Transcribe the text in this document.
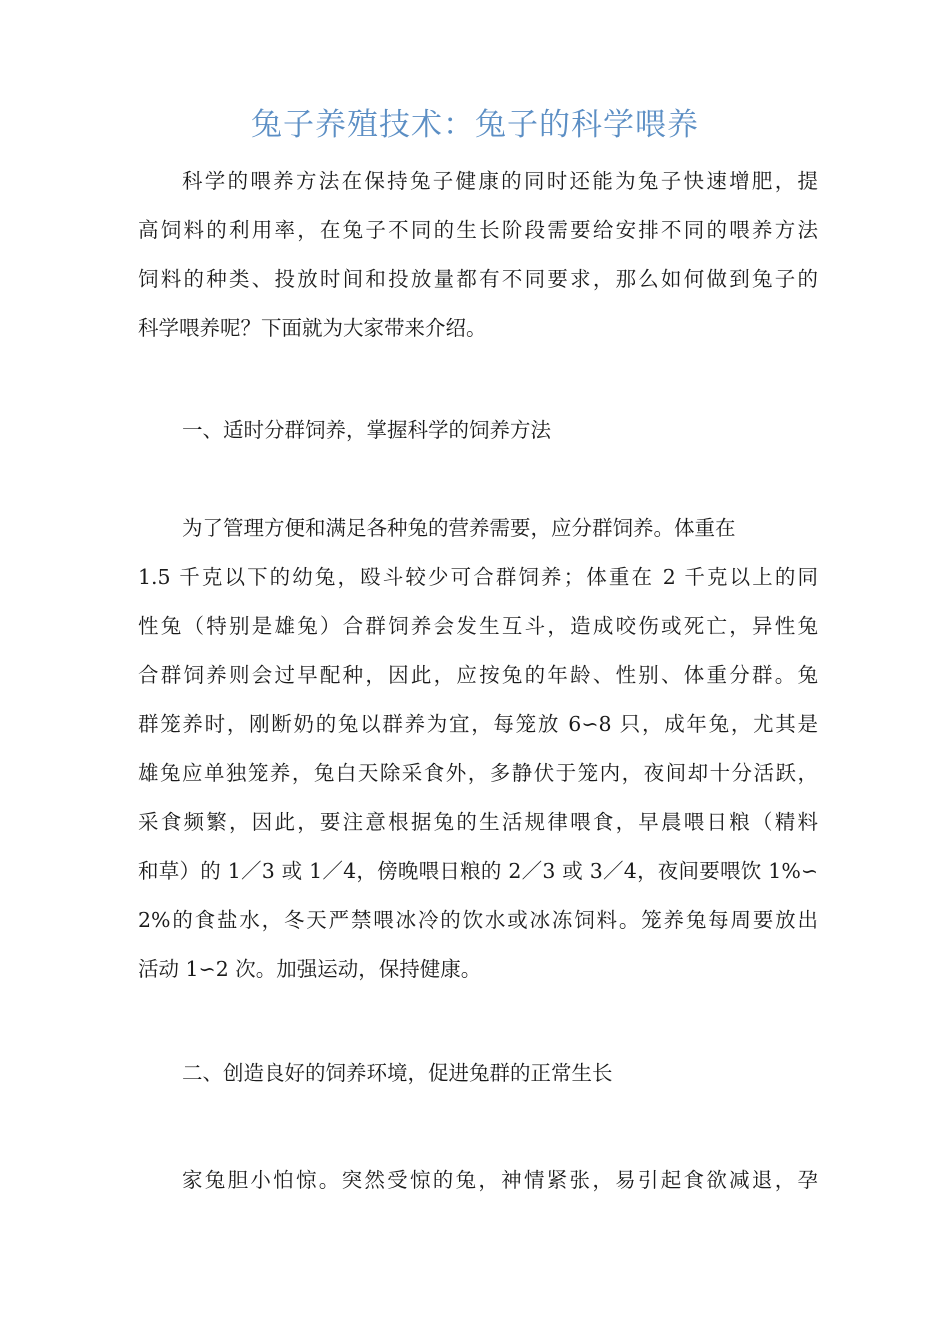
兔子养殖技术：兔子的科学喂养
科学的喂养方法在保持兔子健康的同时还能为兔子快速增肥，提
高饲料的利用率，在兔子不同的生长阶段需要给安排不同的喂养方法
饲料的种类、投放时间和投放量都有不同要求，那么如何做到兔子的
科学喂养呢？下面就为大家带来介绍。
一、适时分群饲养，掌握科学的饲养方法
为了管理方便和满足各种兔的营养需要，应分群饲养。体重在
1.5 千克以下的幼兔，殴斗较少可合群饲养；体重在 2 千克以上的同
性兔（特别是雄兔）合群饲养会发生互斗，造成咬伤或死亡，异性兔
合群饲养则会过早配种，因此，应按兔的年龄、性别、体重分群。兔
群笼养时，刚断奶的兔以群养为宜，每笼放 6∽8 只，成年兔，尤其是
雄兔应单独笼养，兔白天除采食外，多静伏于笼内，夜间却十分活跃，
采食频繁，因此，要注意根据兔的生活规律喂食，早晨喂日粮（精料
和草）的 1／3 或 1／4，傍晚喂日粮的 2／3 或 3／4，夜间要喂饮 1%∽
2%的食盐水，冬天严禁喂冰冷的饮水或冰冻饲料。笼养兔每周要放出
活动 1∽2 次。加强运动，保持健康。
二、创造良好的饲养环境，促进兔群的正常生长
家兔胆小怕惊。突然受惊的兔，神情紧张，易引起食欲减退，孕
